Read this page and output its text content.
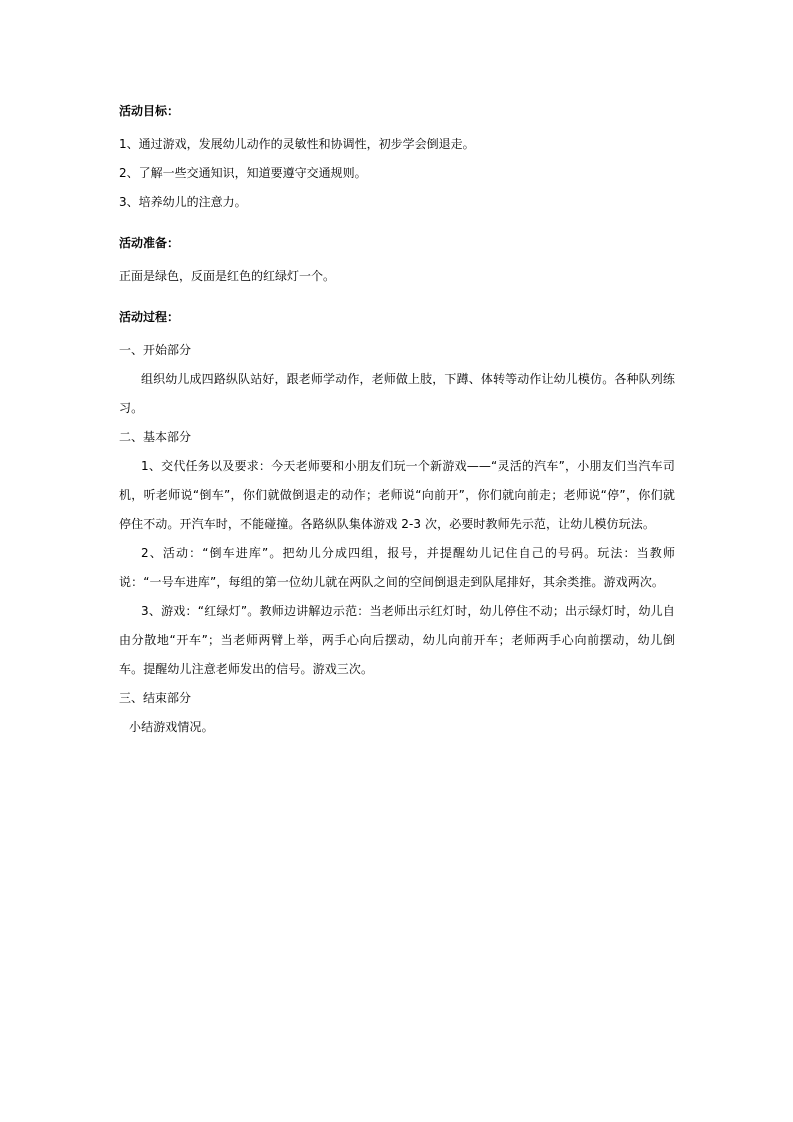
活动目标：

1、通过游戏，发展幼儿动作的灵敏性和协调性，初步学会倒退走。

2、了解一些交通知识，知道要遵守交通规则。

3、培养幼儿的注意力。

活动准备：

正面是绿色，反面是红色的红绿灯一个。

活动过程：

一、开始部分

组织幼儿成四路纵队站好，跟老师学动作，老师做上肢，下蹲、体转等动作让幼儿模仿。各种队列练习。

二、基本部分

1、交代任务以及要求：今天老师要和小朋友们玩一个新游戏——“灵活的汽车”，小朋友们当汽车司机，听老师说“倒车”，你们就做倒退走的动作；老师说“向前开”，你们就向前走；老师说“停”，你们就停住不动。开汽车时，不能碰撞。各路纵队集体游戏 2-3 次，必要时教师先示范，让幼儿模仿玩法。

2、活动：“倒车进库”。把幼儿分成四组，报号，并提醒幼儿记住自己的号码。玩法：当教师说：“一号车进库”，每组的第一位幼儿就在两队之间的空间倒退走到队尾排好，其余类推。游戏两次。

3、游戏：“红绿灯”。教师边讲解边示范：当老师出示红灯时，幼儿停住不动；出示绿灯时，幼儿自由分散地“开车”；当老师两臂上举，两手心向后摆动，幼儿向前开车；老师两手心向前摆动，幼儿倒车。提醒幼儿注意老师发出的信号。游戏三次。

三、结束部分

小结游戏情况。
